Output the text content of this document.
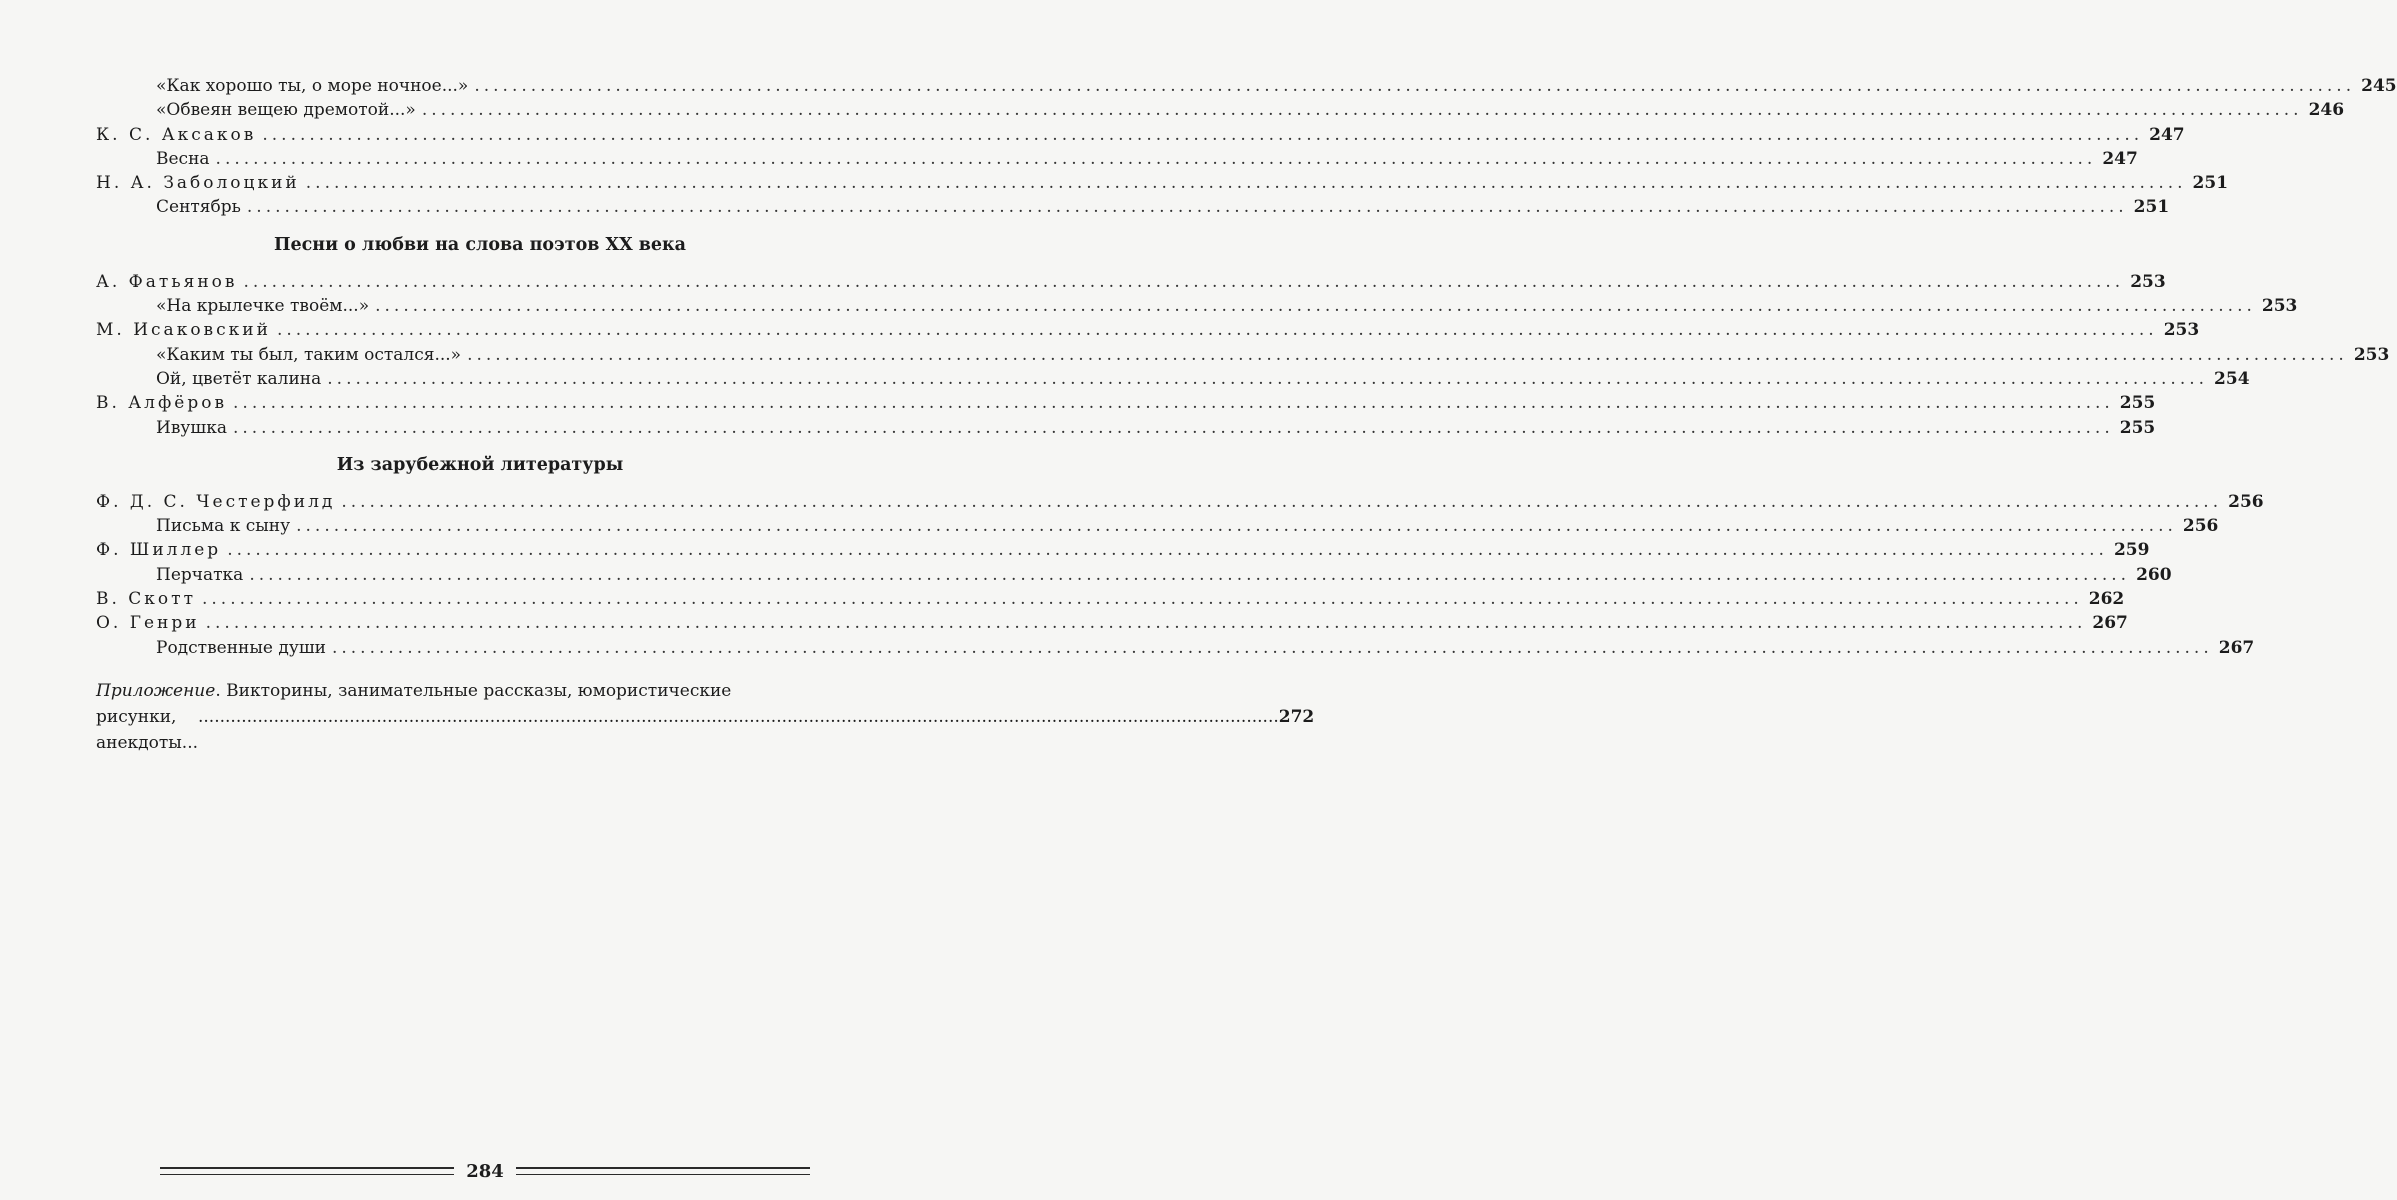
«Как хорошо ты, о море ночное...» ........................................................................................................................................................................................................ 245
«Обвеян вещею дремотой...» ........................................................................................................................................................................................................ 246
К. С. Аксаков ........................................................................................................................................................................................................ 247
Весна ........................................................................................................................................................................................................ 247
Н. А. Заболоцкий ........................................................................................................................................................................................................ 251
Сентябрь ........................................................................................................................................................................................................ 251
Песни о любви на слова поэтов XX века
А. Фатьянов ........................................................................................................................................................................................................ 253
«На крылечке твоём...» ........................................................................................................................................................................................................ 253
М. Исаковский ........................................................................................................................................................................................................ 253
«Каким ты был, таким остался...» ........................................................................................................................................................................................................ 253
Ой, цветёт калина ........................................................................................................................................................................................................ 254
В. Алфёров ........................................................................................................................................................................................................ 255
Ивушка ........................................................................................................................................................................................................ 255
Из зарубежной литературы
Ф. Д. С. Честерфилд ........................................................................................................................................................................................................ 256
Письма к сыну ........................................................................................................................................................................................................ 256
Ф. Шиллер ........................................................................................................................................................................................................ 259
Перчатка ........................................................................................................................................................................................................ 260
В. Скотт ........................................................................................................................................................................................................ 262
О. Генри ........................................................................................................................................................................................................ 267
Родственные души ........................................................................................................................................................................................................ 267
Приложение. Викторины, занимательные рассказы, юмористические
рисунки, анекдоты...
........................................................................................................................................................................................................ 272
284
